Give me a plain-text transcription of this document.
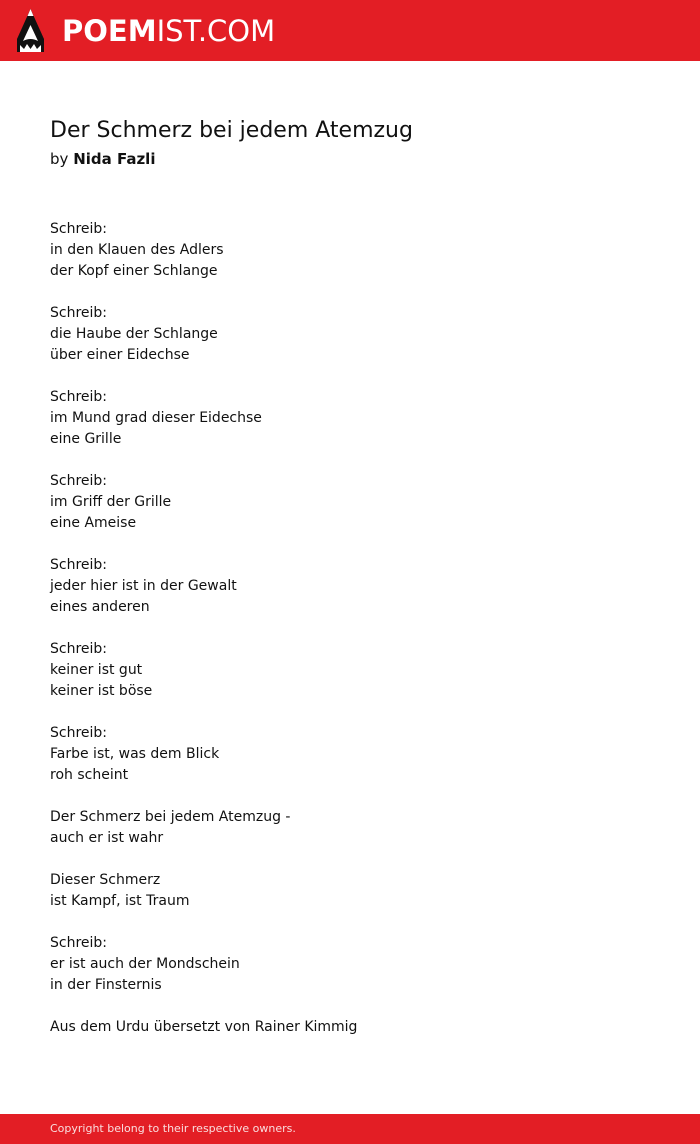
POEMIST.COM
Der Schmerz bei jedem Atemzug
by Nida Fazli
Schreib:
in den Klauen des Adlers
der Kopf einer Schlange
Schreib:
die Haube der Schlange
über einer Eidechse
Schreib:
im Mund grad dieser Eidechse
eine Grille
Schreib:
im Griff der Grille
eine Ameise
Schreib:
jeder hier ist in der Gewalt
eines anderen
Schreib:
keiner ist gut
keiner ist böse
Schreib:
Farbe ist, was dem Blick
roh scheint
Der Schmerz bei jedem Atemzug -
auch er ist wahr
Dieser Schmerz
ist Kampf, ist Traum
Schreib:
er ist auch der Mondschein
in der Finsternis
Aus dem Urdu übersetzt von Rainer Kimmig
Copyright belong to their respective owners.
